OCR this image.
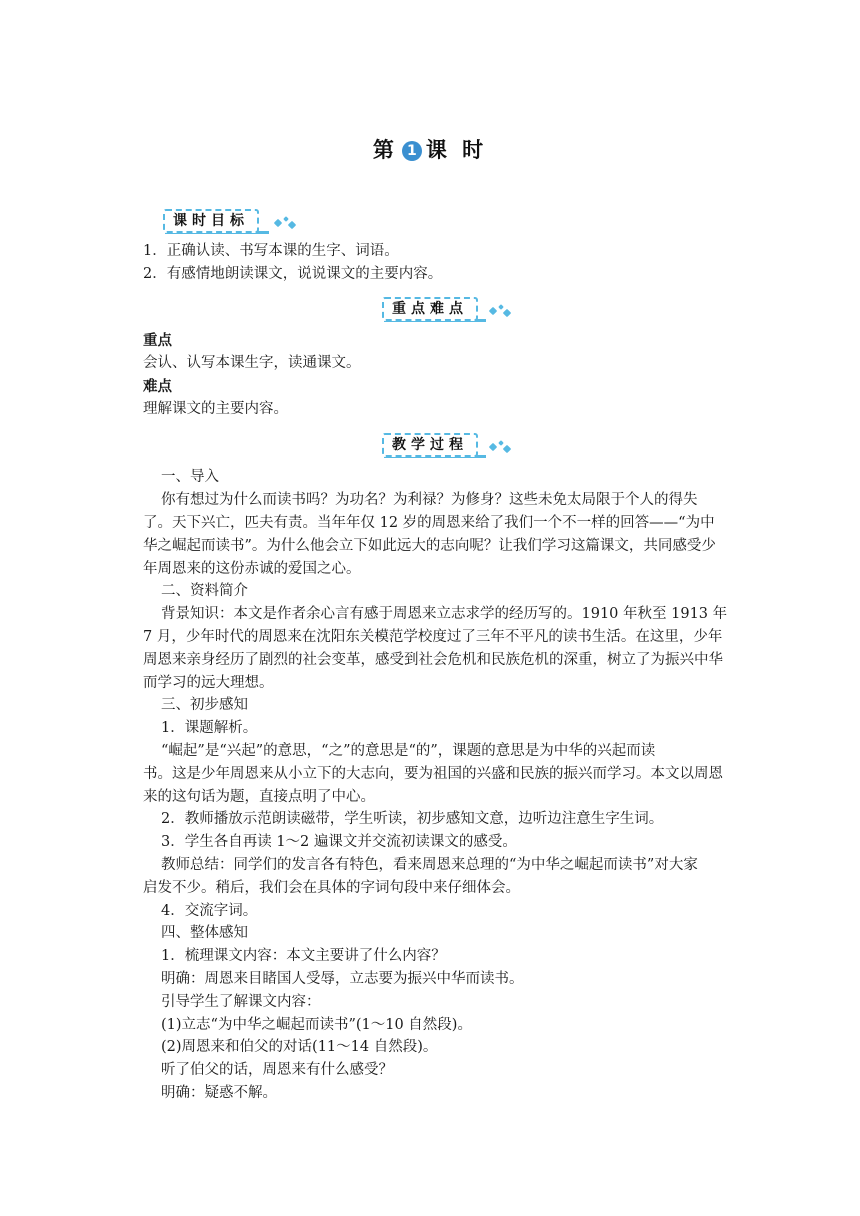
第 1 课 时
课时目标
1．正确认读、书写本课的生字、词语。
2．有感情地朗读课文，说说课文的主要内容。
重点难点
重点
会认、认写本课生字，读通课文。
难点
理解课文的主要内容。
教学过程
一、导入
你有想过为什么而读书吗？为功名？为利禄？为修身？这些未免太局限于个人的得失
了。天下兴亡，匹夫有责。当年年仅 12 岁的周恩来给了我们一个不一样的回答——“为中
华之崛起而读书”。为什么他会立下如此远大的志向呢？让我们学习这篇课文，共同感受少
年周恩来的这份赤诚的爱国之心。
二、资料简介
背景知识：本文是作者余心言有感于周恩来立志求学的经历写的。1910 年秋至 1913 年
7 月，少年时代的周恩来在沈阳东关模范学校度过了三年不平凡的读书生活。在这里，少年
周恩来亲身经历了剧烈的社会变革，感受到社会危机和民族危机的深重，树立了为振兴中华
而学习的远大理想。
三、初步感知
1．课题解析。
“崛起”是“兴起”的意思，“之”的意思是“的”，课题的意思是为中华的兴起而读
书。这是少年周恩来从小立下的大志向，要为祖国的兴盛和民族的振兴而学习。本文以周恩
来的这句话为题，直接点明了中心。
2．教师播放示范朗读磁带，学生听读，初步感知文意，边听边注意生字生词。
3．学生各自再读 1～2 遍课文并交流初读课文的感受。
教师总结：同学们的发言各有特色，看来周恩来总理的“为中华之崛起而读书”对大家
启发不少。稍后，我们会在具体的字词句段中来仔细体会。
4．交流字词。
四、整体感知
1．梳理课文内容：本文主要讲了什么内容？
明确：周恩来目睹国人受辱，立志要为振兴中华而读书。
引导学生了解课文内容：
(1)立志“为中华之崛起而读书”(1～10 自然段)。
(2)周恩来和伯父的对话(11～14 自然段)。
听了伯父的话，周恩来有什么感受？
明确：疑惑不解。
